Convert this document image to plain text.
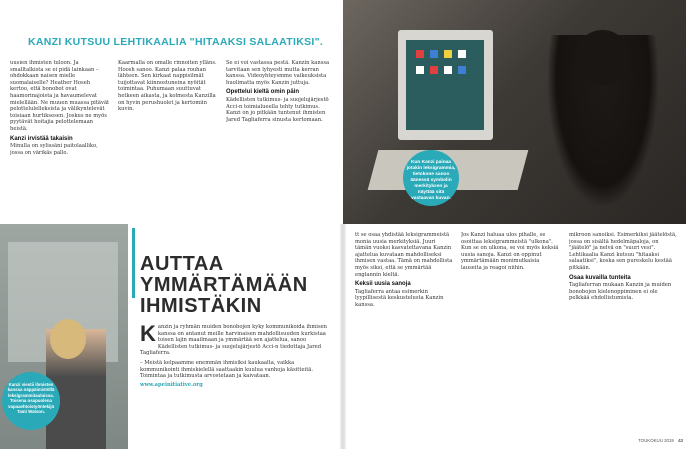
KANZI KUTSUU LEHTIKAALIA "HITAAKSI SALAATIKSI".
uusien ihmisten tuloon. Ja smalltalkista se ei pidä lainkaan – ohdokkaan naisen mielle suomalaiselle? Heather Hoseh kertoo, että bonobot ovat haamorinajoista ja havaumelevat mielellään. Ne muuen muassa pitävät pelottelulelleksista ja välikyntelevät toisiaan hurtiksesen. Joskus ne myös pyytävät hoitajia pelottelemaan heistä.
Kanzi irvistää takaisin
Minulla on sylissäni paitolaalliko, jossa on värikäs pallo.
Kaarmalla on omalle rinnoiten ylläns. Hoosh sanoo. Kanzi palaa rouhan lähteen. Sen kirkaat nappisilmät tuijottavat kiinnostuneina nyöität toimintaa. Puhumaan suuttuvat hetkeen aikasta, ja kolmesta Kanzilla on hyvin perushuolet ja kertomiin kuvin.
Se ei voi vastassa pestä. Kanzin kanssa tarvitaan sen lyhyesti mutta kerran kanssa. Videoyhteysmme vaikeuksista huolimatta myös Kanzin juttuja.
Opettelui kieltä omin päin
Kädellisten tutkimus- ja suojelujärjestö Acci-n toimialueella tehty tutkimus. Kanzi on jo pitkään tuntenut ihmisten Jared Tagliaferra sinusta kertomaan.
Kun Kanzi painaa jotakin leksigrammia, tietokone sanoo äänessä symbolin merkityksen ja näyttää sitä vastaavan kuvan.
Kanzi viestii ihmisten kanssa näppäimistöllä leksigrammitauluissa. Toisena osapuolena vapaaehtoistyöntekijä Tami Watson.
AUTTAA
YMMÄRTÄMÄÄN
IHMISTÄKIN
K anzin ja ryhmän muiden bonobojen kyky kommunikoida ihmisen kanssa on antanut meille harvinaisen mahdollisuuden kurkistaa toisen lajin maailmaan ja ymmärtää sen ajattelua, sanoo Kädellisten tutkimus- ja suojelujärjestö Acci-n tiedottaja Jared Tagliaferra.
– Meistä kelpaamme enemmän ihmisiksi kaukaalta, vaikka kommunikointi ihmiskielellä saattaakin kuulua vanhoja käsitteitä. Toimintaa ja tutkimusta arvostetaan ja kaivataan.
www.apeinitiative.org
tt se osaa yhdistää leksigrammeistä monia uusia merkityksiä. Juuri tämän vuoksi kasvatettavana Kanzin ajattelua kuvataan mahdolliseksi ihmisen vastaa. Tämä on mahdollista myös siksi, että se ymmärtää englannin kieltä.
Keksii uusia sanoja
Tagliaferra antaa esimerkin lyypillisestä keskustelusta Kanzin kanssa.
Jos Kanzi haluaa ulos pihalle, se osoittaa leksigrammeistä "ulkona". Kun se on ulkona, se voi myös keksiä uusia sanoja. Kanzi on oppinut ymmärtämään monimutkaisia lauseita ja reagoi niihin.
mikroon sanoiksi. Esimerkiksi jäätelöstä, jossa on sisältä hedelmäpaloja, on "jäätelö" ja nelvä on "suuri vesi". Lehtikaalia Kanzi kutsuu "hitaaksi salaatiksi", koska sen pureskelu kestää pitkään.
Osaa kuvailla tunteita
Tagliaferran mukaan Kanzin ja muiden bonobojen kielenoppiminen ei ole pelkkää ehdollistumista.
TOUKOKUU 2019 43
